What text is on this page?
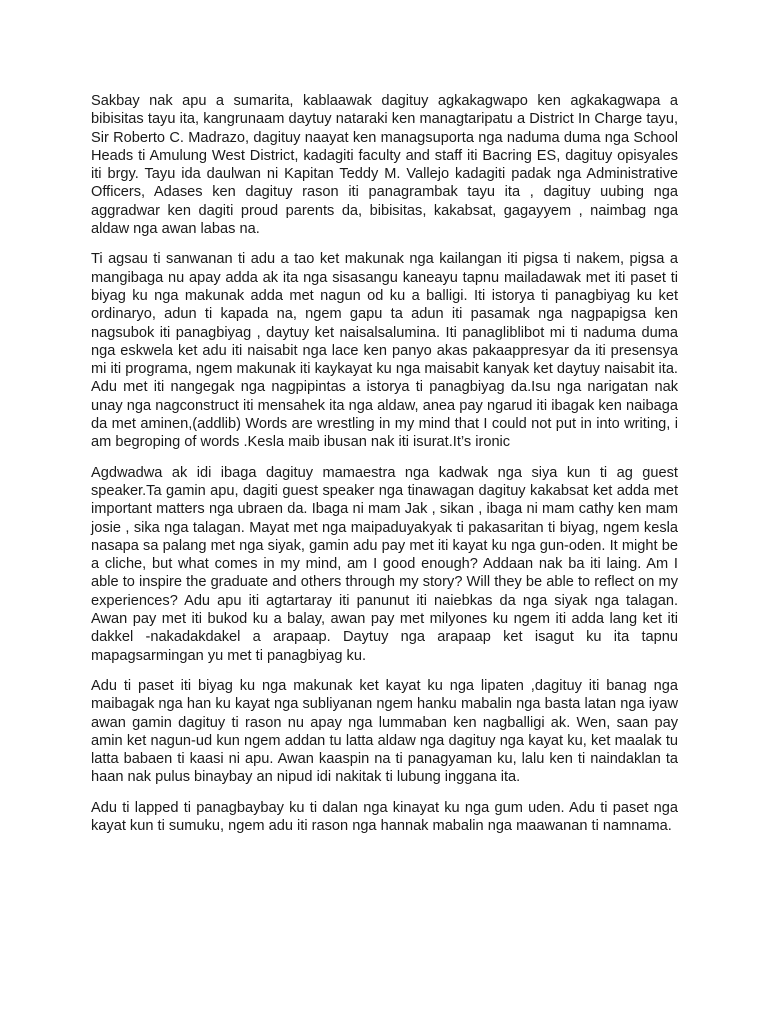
Sakbay nak apu a sumarita, kablaawak dagituy agkakagwapo ken agkakagwapa a bibisitas tayu ita, kangrunaam daytuy nataraki ken managtaripatu a District In Charge tayu, Sir Roberto C. Madrazo, dagituy naayat ken managsuporta nga naduma duma nga School Heads ti Amulung West District, kadagiti faculty and staff iti Bacring ES, dagituy opisyales iti brgy. Tayu ida daulwan ni Kapitan Teddy M. Vallejo kadagiti padak nga Administrative Officers, Adases ken dagituy rason iti panagrambak tayu ita , dagituy uubing nga aggradwar ken dagiti proud parents da, bibisitas, kakabsat, gagayyem , naimbag nga aldaw nga awan labas na.

Ti agsau ti sanwanan ti adu a tao ket makunak nga kailangan iti pigsa ti nakem, pigsa a mangibaga nu apay adda ak ita nga sisasangu kaneayu tapnu mailadawak met iti paset ti biyag ku nga makunak adda met nagun od ku a balligi. Iti istorya ti panagbiyag ku ket ordinaryo, adun ti kapada na, ngem gapu ta adun iti pasamak nga nagpapigsa ken nagsubok iti panagbiyag , daytuy ket naisalsalumina. Iti panagliblibot mi ti naduma duma nga eskwela ket adu iti naisabit nga lace ken panyo akas pakaappresyar da iti presensya mi iti programa, ngem makunak iti kaykayat ku nga maisabit kanyak ket daytuy naisabit ita. Adu met iti nangegak nga nagpipintas a istorya ti panagbiyag da.Isu nga narigatan nak unay nga nagconstruct iti mensahek ita nga aldaw, anea pay ngarud iti ibagak ken naibaga da met aminen,(addlib) Words are wrestling in my mind that I could not put in into writing, i am begroping of words .Kesla maib ibusan nak iti isurat.It’s ironic

Agdwadwa ak idi ibaga dagituy mamaestra nga kadwak nga siya kun ti ag guest speaker.Ta gamin apu, dagiti guest speaker nga tinawagan dagituy kakabsat ket adda met important matters nga ubraen da. Ibaga ni mam Jak , sikan , ibaga ni mam cathy ken mam josie , sika nga talagan. Mayat met nga maipaduyakyak ti pakasaritan ti biyag, ngem kesla nasapa sa palang met nga siyak, gamin adu pay met iti kayat ku nga gun-oden. It might be a cliche, but what comes in my mind, am I good enough? Addaan nak ba iti laing. Am I able to inspire the graduate and others through my story? Will they be able to reflect on my experiences? Adu apu iti agtartaray iti panunut iti naiebkas da nga siyak nga talagan. Awan pay met iti bukod ku a balay, awan pay met milyones ku ngem iti adda lang ket iti dakkel -nakadakdakel a arapaap. Daytuy nga arapaap ket isagut ku ita tapnu mapagsarmingan yu met ti panagbiyag ku.

Adu ti paset iti biyag ku nga makunak ket kayat ku nga lipaten ,dagituy iti banag nga maibagak nga han ku kayat nga subliyanan ngem hanku mabalin nga basta latan nga iyaw awan gamin dagituy ti rason nu apay nga lummaban ken nagballigi ak. Wen, saan pay amin ket nagun-ud kun ngem addan tu latta aldaw nga dagituy nga kayat ku, ket maalak tu latta babaen ti kaasi ni apu. Awan kaaspin na ti panagyaman ku, lalu ken ti naindaklan ta haan nak pulus binaybay an nipud idi nakitak ti lubung inggana ita.

Adu ti lapped ti panagbaybay ku ti dalan nga kinayat ku nga gum uden. Adu ti paset nga kayat kun ti sumuku, ngem adu iti rason nga hannak mabalin nga maawanan ti namnama.
